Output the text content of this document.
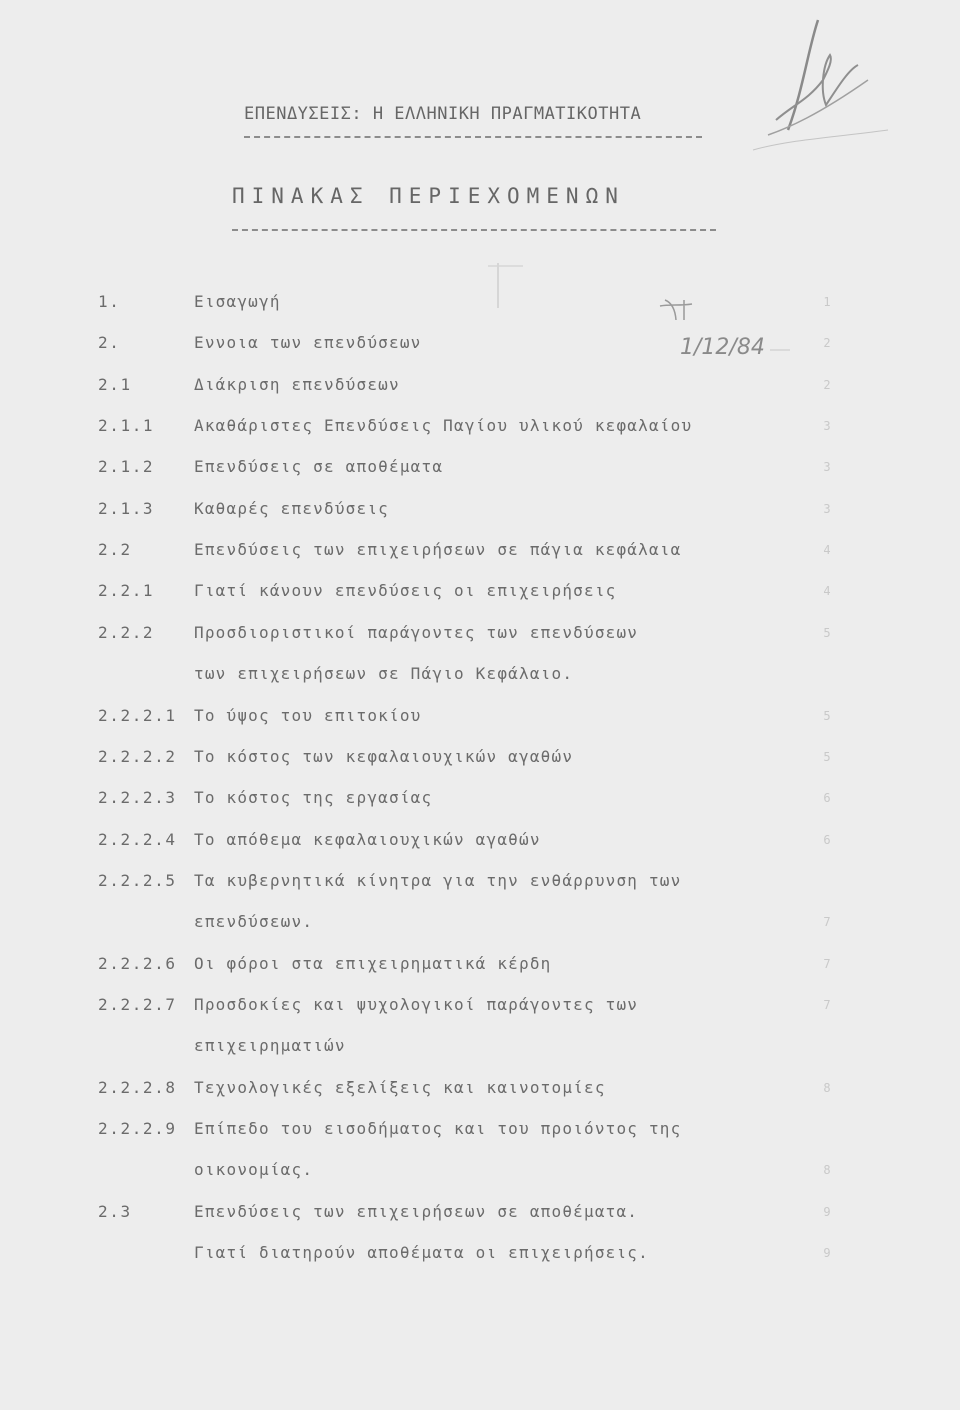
ΕΠΕΝΔΥΣΕΙΣ: Η ΕΛΛΗΝΙΚΗ ΠΡΑΓΜΑΤΙΚΟΤΗΤΑ
ΠΙΝΑΚΑΣ ΠΕΡΙΕΧΟΜΕΝΩΝ
1/12/84
1.	Εισαγωγή	1
2.	Εννοια των επενδύσεων	2
2.1	Διάκριση επενδύσεων	2
2.1.1 Ακαθάριστες Επενδύσεις Παγίου υλικού κεφαλαίου	3
2.1.2 Επενδύσεις σε αποθέματα	3
2.1.3 Καθαρές επενδύσεις	3
2.2	Επενδύσεις των επιχειρήσεων σε πάγια κεφάλαια	4
2.2.1 Γιατί κάνουν επενδύσεις οι επιχειρήσεις	4
2.2.2 Προσδιοριστικοί παράγοντες των επενδύσεων	5
των επιχειρήσεων σε Πάγιο Κεφάλαιο.
2.2.2.1 Το ύψος του επιτοκίου	5
2.2.2.2 Το κόστος των κεφαλαιουχικών αγαθών	5
2.2.2.3 Το κόστος της εργασίας	6
2.2.2.4 Το απόθεμα κεφαλαιουχικών αγαθών	6
2.2.2.5 Τα κυβερνητικά κίνητρα για την ενθάρρυνση των
επενδύσεων.	7
2.2.2.6 Οι φόροι στα επιχειρηματικά κέρδη	7
2.2.2.7 Προσδοκίες και ψυχολογικοί παράγοντες των	7
επιχειρηματιών
2.2.2.8 Τεχνολογικές εξελίξεις και καινοτομίες	8
2.2.2.9 Επίπεδο του εισοδήματος και του προιόντος της
οικονομίας.	8
2.3	Επενδύσεις των επιχειρήσεων σε αποθέματα.	9
Γιατί διατηρούν αποθέματα οι επιχειρήσεις.	9
